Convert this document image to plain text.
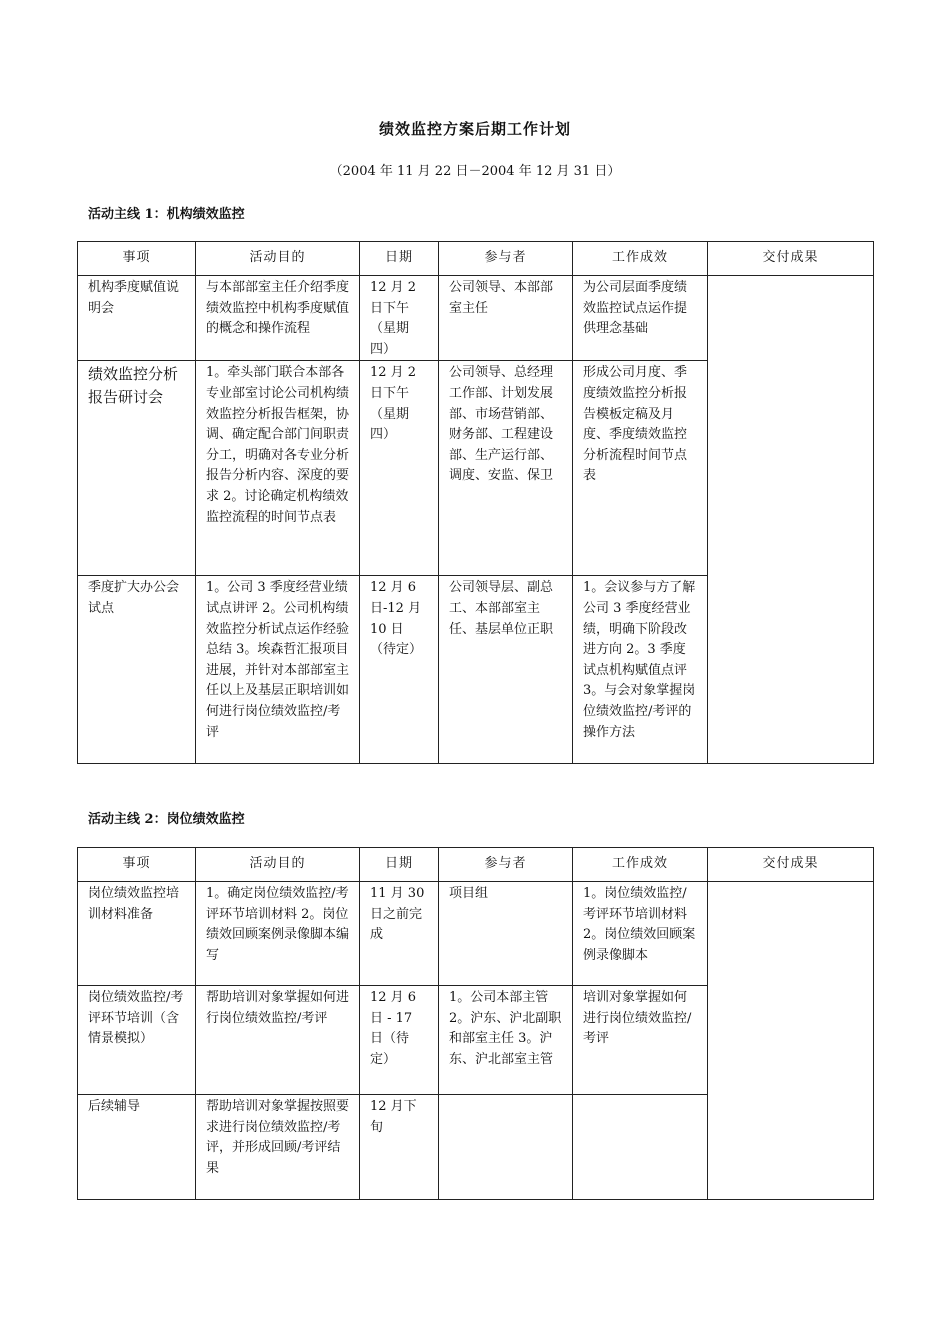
绩效监控方案后期工作计划
（2004 年 11 月 22 日－2004 年 12 月 31 日）
活动主线 1：机构绩效监控
事项	活动目的	日期	参与者	工作成效	交付成果
机构季度赋值说明会	与本部部室主任介绍季度绩效监控中机构季度赋值的概念和操作流程	12 月 2 日下午（星期四）	公司领导、本部部室主任	为公司层面季度绩效监控试点运作提供理念基础	
绩效监控分析报告研讨会	1。牵头部门联合本部各专业部室讨论公司机构绩效监控分析报告框架，协调、确定配合部门间职责分工，明确对各专业分析报告分析内容、深度的要求 2。讨论确定机构绩效监控流程的时间节点表	12 月 2 日下午（星期四）	公司领导、总经理工作部、计划发展部、市场营销部、财务部、工程建设部、生产运行部、调度、安监、保卫	形成公司月度、季度绩效监控分析报告模板定稿及月度、季度绩效监控分析流程时间节点表	
季度扩大办公会试点	1。公司 3 季度经营业绩试点讲评 2。公司机构绩效监控分析试点运作经验总结 3。埃森哲汇报项目进展，并针对本部部室主任以上及基层正职培训如何进行岗位绩效监控/考评	12 月 6 日-12 月 10 日（待定）	公司领导层、副总工、本部部室主任、基层单位正职	1。会议参与方了解公司 3 季度经营业绩，明确下阶段改进方向 2。3 季度试点机构赋值点评 3。与会对象掌握岗位绩效监控/考评的操作方法	
活动主线 2：岗位绩效监控
事项	活动目的	日期	参与者	工作成效	交付成果
岗位绩效监控培训材料准备	1。确定岗位绩效监控/考评环节培训材料 2。岗位绩效回顾案例录像脚本编写	11 月 30 日之前完成	项目组	1。岗位绩效监控/考评环节培训材料 2。岗位绩效回顾案例录像脚本	
岗位绩效监控/考评环节培训（含情景模拟）	帮助培训对象掌握如何进行岗位绩效监控/考评	12 月 6 日 - 17 日（待定）	1。公司本部主管 2。沪东、沪北副职和部室主任 3。沪东、沪北部室主管	培训对象掌握如何进行岗位绩效监控/考评	
后续辅导	帮助培训对象掌握按照要求进行岗位绩效监控/考评，并形成回顾/考评结果	12 月下旬			
